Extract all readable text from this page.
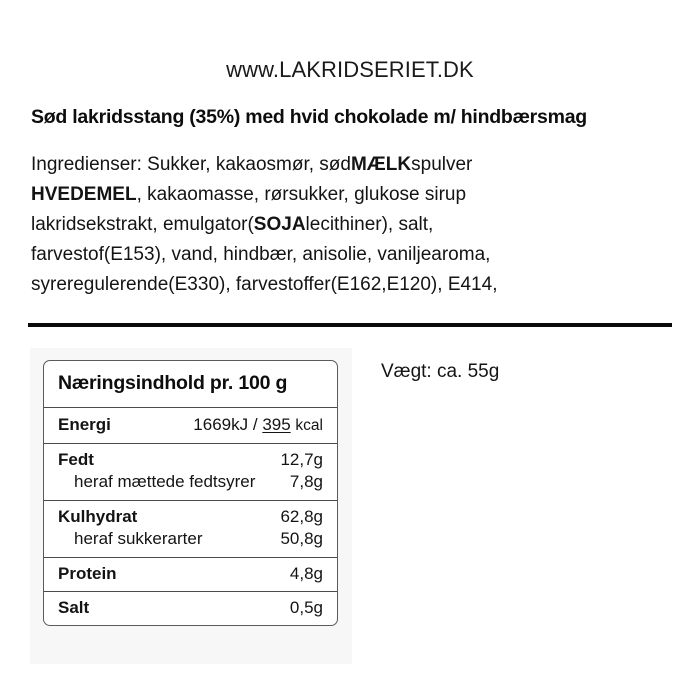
www.LAKRIDSERIET.DK
Sød lakridsstang (35%) med hvid chokolade m/ hindbærsmag
Ingredienser: Sukker, kakaosmør, sødMÆLKspulver
HVEDEMEL, kakaomasse, rørsukker, glukose sirup
lakridsekstrakt, emulgator(SOJAlecithiner), salt,
farvestof(E153), vand, hindbær, anisolie, vaniljearoma,
syreregulerende(E330), farvestoffer(E162,E120), E414,
Næringsindhold pr. 100 g
Energi	1669kJ / 395 kcal
Fedt	12,7g
heraf mættede fedtsyrer 7,8g
Kulhydrat	62,8g
heraf sukkerarter	50,8g
Protein	4,8g
Salt	0,5g
Vægt: ca. 55g
